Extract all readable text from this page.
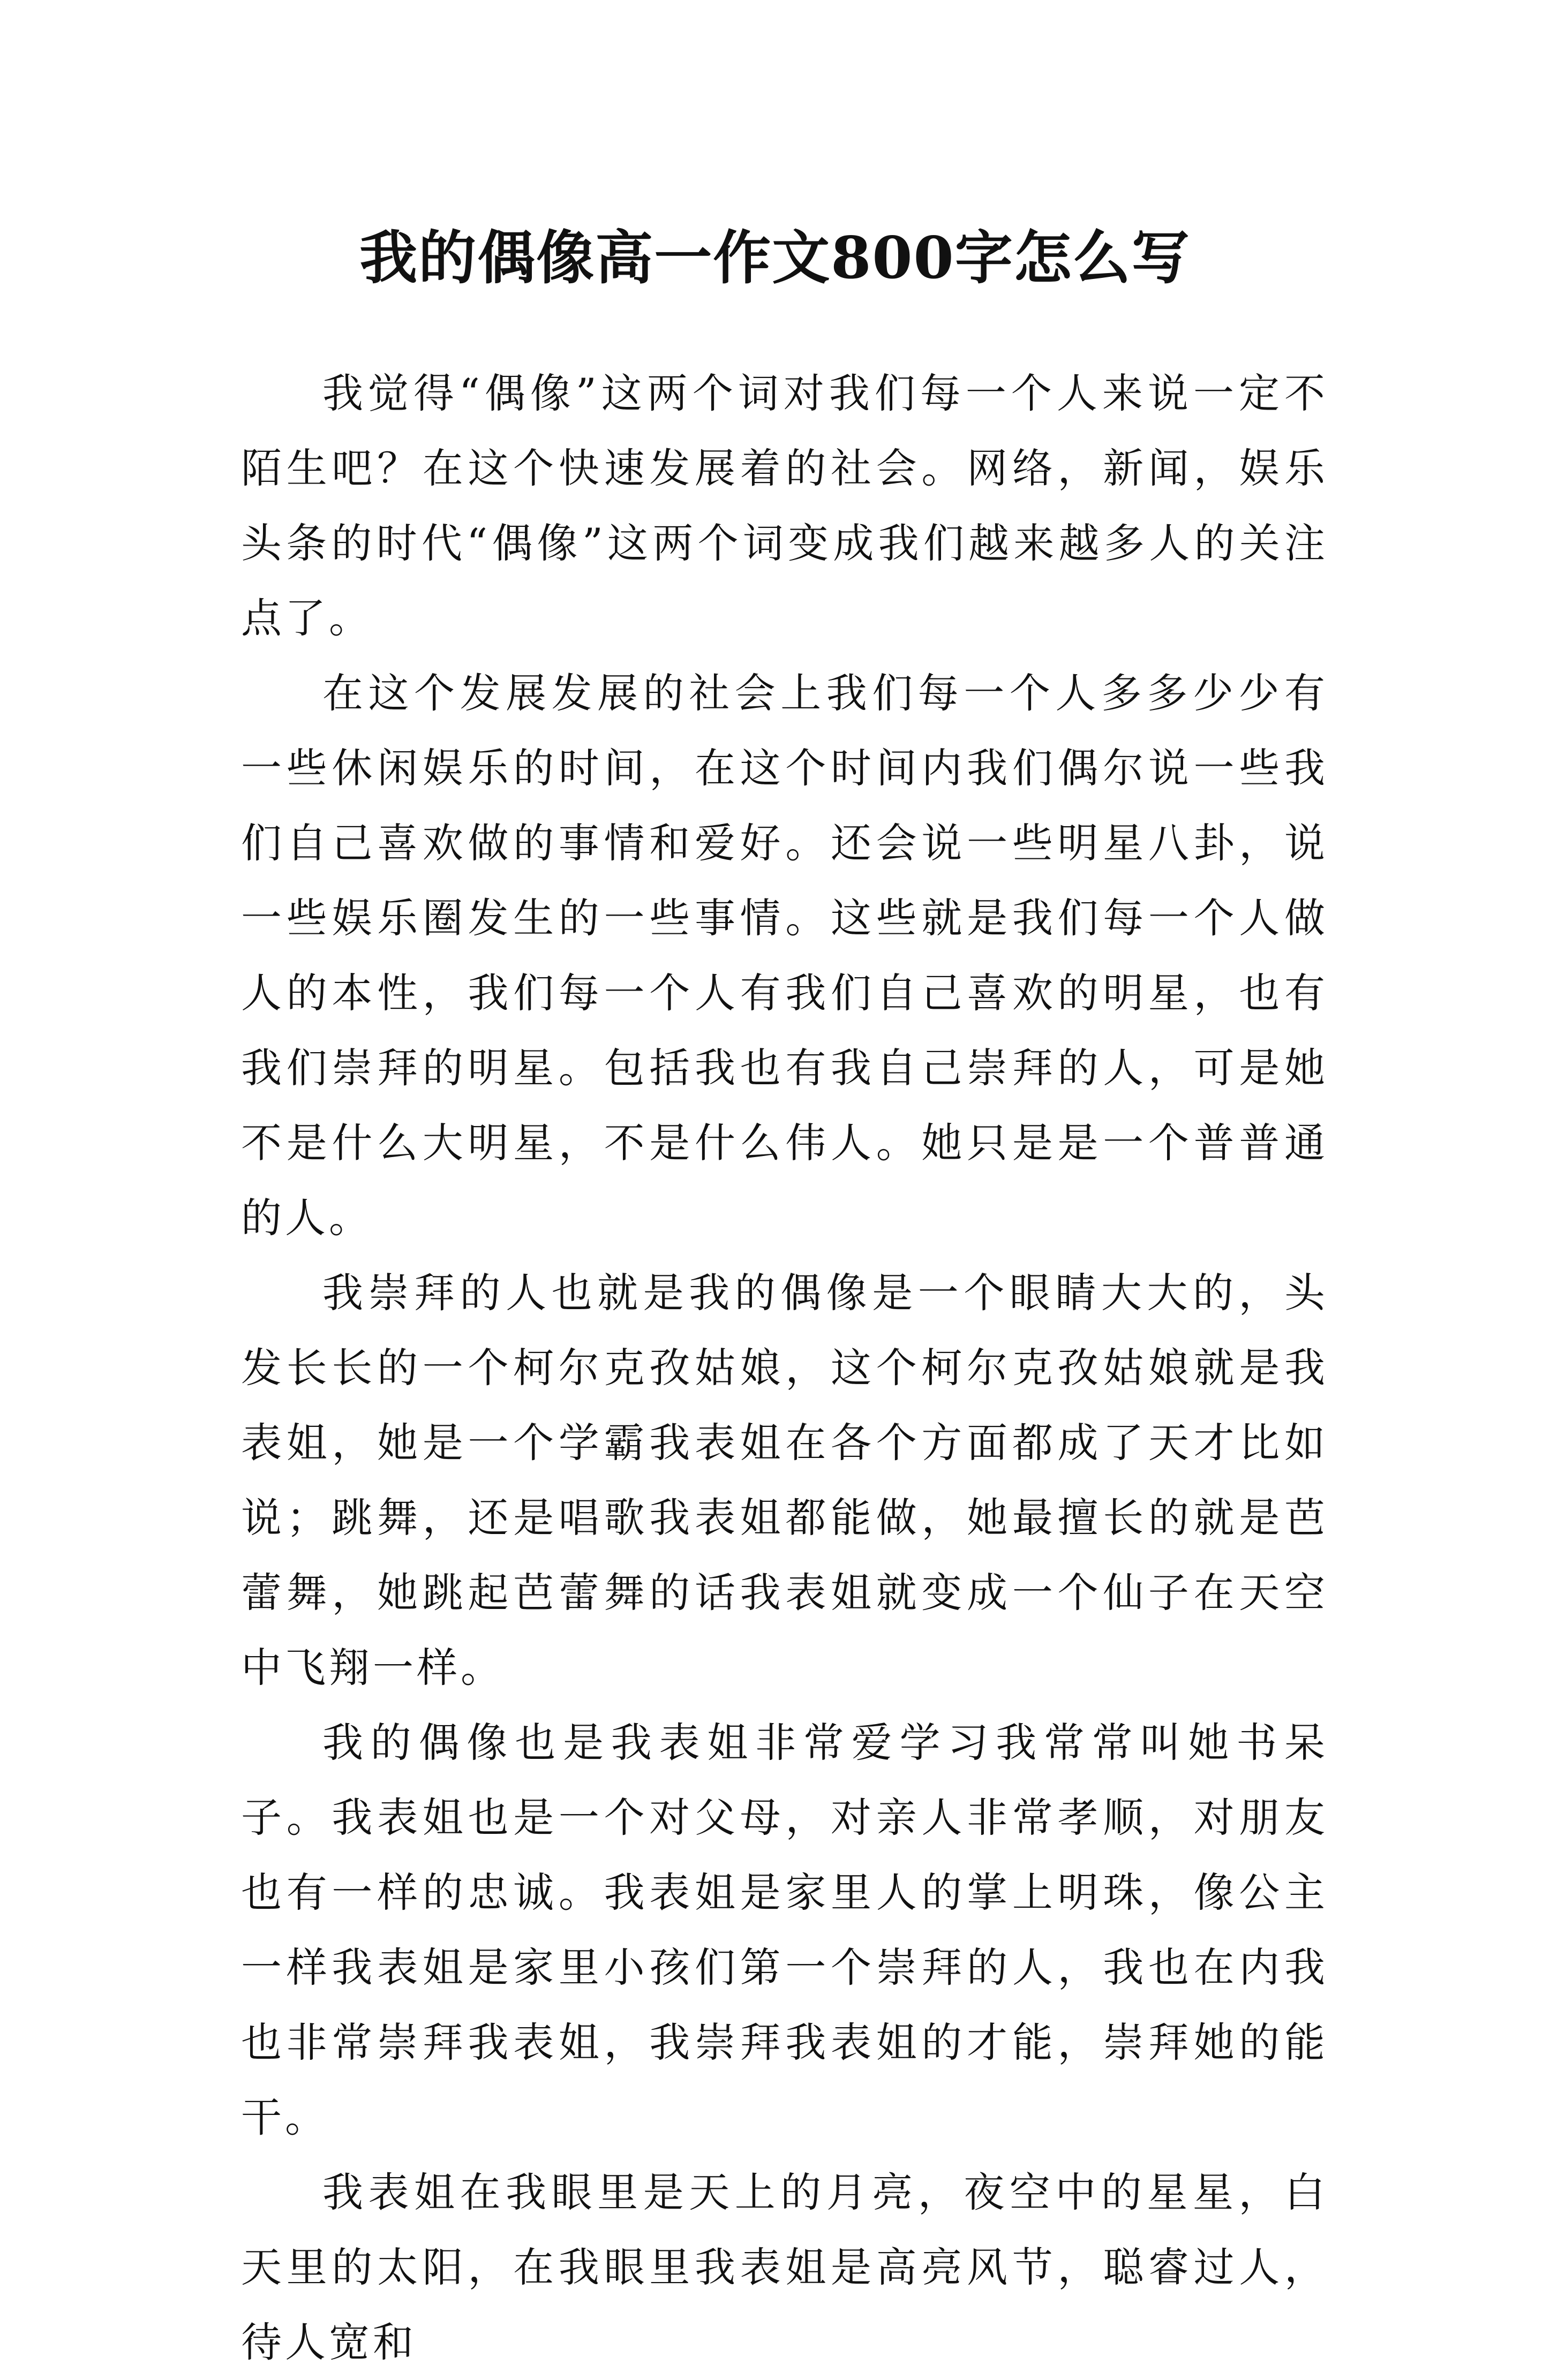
我的偶像高一作文800字怎么写

我觉得“偶像”这两个词对我们每一个人来说一定不陌生吧？在这个快速发展着的社会。网络，新闻，娱乐头条的时代“偶像”这两个词变成我们越来越多人的关注点了。

在这个发展发展的社会上我们每一个人多多少少有一些休闲娱乐的时间，在这个时间内我们偶尔说一些我们自己喜欢做的事情和爱好。还会说一些明星八卦，说一些娱乐圈发生的一些事情。这些就是我们每一个人做人的本性，我们每一个人有我们自己喜欢的明星，也有我们崇拜的明星。包括我也有我自己崇拜的人，可是她不是什么大明星，不是什么伟人。她只是是一个普普通的人。

我崇拜的人也就是我的偶像是一个眼睛大大的，头发长长的一个柯尔克孜姑娘，这个柯尔克孜姑娘就是我表姐，她是一个学霸我表姐在各个方面都成了天才比如说；跳舞，还是唱歌我表姐都能做，她最擅长的就是芭蕾舞，她跳起芭蕾舞的话我表姐就变成一个仙子在天空中飞翔一样。

我的偶像也是我表姐非常爱学习我常常叫她书呆子。我表姐也是一个对父母，对亲人非常孝顺，对朋友也有一样的忠诚。我表姐是家里人的掌上明珠，像公主一样我表姐是家里小孩们第一个崇拜的人，我也在内我也非常崇拜我表姐，我崇拜我表姐的才能，崇拜她的能干。

我表姐在我眼里是天上的月亮，夜空中的星星，白天里的太阳，在我眼里我表姐是高亮风节，聪睿过人，待人宽和
